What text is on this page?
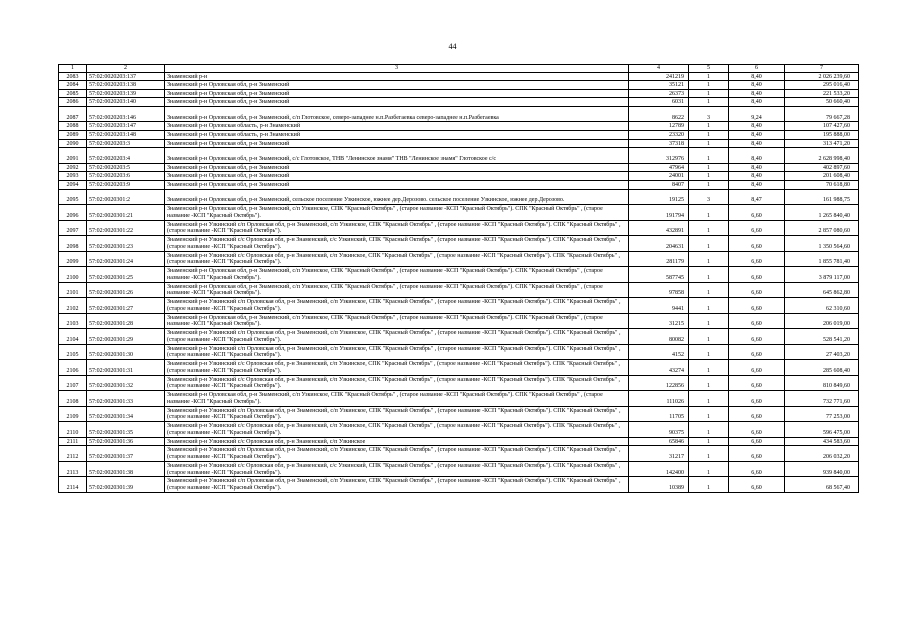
44
1	2	3	4	5	6	7
2083	57:02:0020203:137	Знаменский р-н	241219	1	8,40	2 026 239,60
2084	57:02:0020203:138	Знаменский р-н Орловская обл, р-н Знаменский	35121	1	8,40	295 016,40
2085	57:02:0020203:139	Знаменский р-н Орловская обл, р-н Знаменский	26373	1	8,40	221 533,20
2086	57:02:0020203:140	Знаменский р-н Орловская обл, р-н Знаменский	6031	1	8,40	50 660,40
2087	57:02:0020203:146	Знаменский р-н Орловская обл, р-н Знаменский, с/п Глотовское, северо-западнее н.п.Разбегаевка северо-западнее н.п.Разбегаевка	8622	3	9,24	79 667,28
2088	57:02:0020203:147	Знаменский р-н Орловская область, р-н Знаменский	12789	1	8,40	107 427,60
2089	57:02:0020203:148	Знаменский р-н Орловская область, р-н Знаменский	23320	1	8,40	195 888,00
2090	57:02:0020203:3	Знаменский р-н Орловская обл, р-н Знаменский	37318	1	8,40	313 471,20
2091	57:02:0020203:4	Знаменский р-н Орловская обл, р-н Знаменский, с/с Глотовское, ТНВ "Ленинское знамя" ТНВ "Ленинское знамя" Глотовское с/с	312976	1	8,40	2 628 998,40
2092	57:02:0020203:5	Знаменский р-н Орловская обл, р-н Знаменский	47964	1	8,40	402 897,60
2093	57:02:0020203:6	Знаменский р-н Орловская обл, р-н Знаменский	24001	1	8,40	201 608,40
2094	57:02:0020203:9	Знаменский р-н Орловская обл, р-н Знаменский	8407	1	8,40	70 618,80
2095	57:02:0020301:2	Знаменский р-н Орловская обл, р-н Знаменский, сельское поселение Узкинское, южнее дер.Дерозово. сельское поселение Узкинское, южнее дер.Дерозово.	19125	3	8,47	161 988,75
2096	57:02:0020301:21	Знаменский р-н Орловская обл, р-н Знаменский, с/п Узкинское, СПК "Красный Октябрь" , (старое название -КСП "Красный Октябрь"). СПК "Красный Октябрь" , (старое название -КСП "Красный Октябрь").	191794	1	6,60	1 265 840,40
2097	57:02:0020301:22	Знаменский р-н Узкинский с/п Орловская обл, р-н Знаменский, с/п Узкинское, СПК "Красный Октябрь" , (старое название -КСП "Красный Октябрь"). СПК "Красный Октябрь" , (старое название -КСП "Красный Октябрь").	432891	1	6,60	2 857 080,60
2098	57:02:0020301:23	Знаменский р-н Узкинский с/с Орловская обл, р-н Знаменский, с/с Узкинский, СПК "Красный Октябрь" , (старое название -КСП "Красный Октябрь"). СПК "Красный Октябрь" , (старое название -КСП "Красный Октябрь").	204631	1	6,60	1 350 564,60
2099	57:02:0020301:24	Знаменский р-н Узкинский с/с Орловская обл, р-н Знаменский, с/п Узкинское, СПК "Красный Октябрь" , (старое название -КСП "Красный Октябрь"). СПК "Красный Октябрь" , (старое название -КСП "Красный Октябрь").	281179	1	6,60	1 855 781,40
2100	57:02:0020301:25	Знаменский р-н Орловская обл, р-н Знаменский, с/п Узкинское, СПК "Красный Октябрь" , (старое название -КСП "Красный Октябрь"). СПК "Красный Октябрь" , (старое название -КСП "Красный Октябрь").	587745	1	6,60	3 879 117,00
2101	57:02:0020301:26	Знаменский р-н Орловская обл, р-н Знаменский, с/п Узкинское, СПК "Красный Октябрь" , (старое название -КСП "Красный Октябрь"). СПК "Красный Октябрь" , (старое название -КСП "Красный Октябрь").	97858	1	6,60	645 862,80
2102	57:02:0020301:27	Знаменский р-н Узкинский с/п Орловская обл, р-н Знаменский, с/п Узкинское, СПК "Красный Октябрь" , (старое название -КСП "Красный Октябрь"). СПК "Красный Октябрь" , (старое название -КСП "Красный Октябрь").	9441	1	6,60	62 310,60
2103	57:02:0020301:28	Знаменский р-н Орловская обл, р-н Знаменский, с/п Узкинское, СПК "Красный Октябрь" , (старое название -КСП "Красный Октябрь"). СПК "Красный Октябрь" , (старое название -КСП "Красный Октябрь").	31215	1	6,60	206 019,00
2104	57:02:0020301:29	Знаменский р-н Узкинский с/п Орловская обл, р-н Знаменский, с/п Узкинское, СПК "Красный Октябрь" , (старое название -КСП "Красный Октябрь"). СПК "Красный Октябрь" , (старое название -КСП "Красный Октябрь").	80082	1	6,60	528 541,20
2105	57:02:0020301:30	Знаменский р-н Узкинский с/п Орловская обл, р-н Знаменский, с/п Узкинское, СПК "Красный Октябрь" , (старое название -КСП "Красный Октябрь"). СПК "Красный Октябрь" , (старое название -КСП "Красный Октябрь").	4152	1	6,60	27 403,20
2106	57:02:0020301:31	Знаменский р-н Узкинский с/с Орловская обл, р-н Знаменский, с/п Узкинское, СПК "Красный Октябрь" , (старое название -КСП "Красный Октябрь"). СПК "Красный Октябрь" , (старое название -КСП "Красный Октябрь").	43274	1	6,60	285 608,40
2107	57:02:0020301:32	Знаменский р-н Узкинский с/с Орловская обл, р-н Знаменский, с/п Узкинское, СПК "Красный Октябрь" , (старое название -КСП "Красный Октябрь"). СПК "Красный Октябрь" , (старое название -КСП "Красный Октябрь").	122856	1	6,60	810 849,60
2108	57:02:0020301:33	Знаменский р-н Орловская обл, р-н Знаменский, с/п Узкинское, СПК "Красный Октябрь" , (старое название -КСП "Красный Октябрь"). СПК "Красный Октябрь" , (старое название -КСП "Красный Октябрь").	111026	1	6,60	732 771,60
2109	57:02:0020301:34	Знаменский р-н Узкинский с/п Орловская обл, р-н Знаменский, с/п Узкинское, СПК "Красный Октябрь" , (старое название -КСП "Красный Октябрь"). СПК "Красный Октябрь" , (старое название -КСП "Красный Октябрь").	11705	1	6,60	77 253,00
2110	57:02:0020301:35	Знаменский р-н Узкинский с/с Орловская обл, р-н Знаменский, с/п Узкинское, СПК "Красный Октябрь" , (старое название -КСП "Красный Октябрь"). СПК "Красный Октябрь" , (старое название -КСП "Красный Октябрь").	90375	1	6,60	596 475,00
2111	57:02:0020301:36	Знаменский р-н Узкинский с/с Орловская обл, р-н Знаменский, с/п Узкинское	65846	1	6,60	434 583,60
2112	57:02:0020301:37	Знаменский р-н Узкинский с/п Орловская обл, р-н Знаменский, с/п Узкинское, СПК "Красный Октябрь" , (старое название -КСП "Красный Октябрь"). СПК "Красный Октябрь" , (старое название -КСП "Красный Октябрь").	31217	1	6,60	206 032,20
2113	57:02:0020301:38	Знаменский р-н Узкинский с/с Орловская обл, р-н Знаменский, с/с Узкинский, СПК "Красный Октябрь" , (старое название -КСП "Красный Октябрь"). СПК "Красный Октябрь" , (старое название -КСП "Красный Октябрь").	142400	1	6,60	939 840,00
2114	57:02:0020301:39	Знаменский р-н Узкинский с/п Орловская обл, р-н Знаменский, с/п Узкинское, СПК "Красный Октябрь" , (старое название -КСП "Красный Октябрь"). СПК "Красный Октябрь" , (старое название -КСП "Красный Октябрь").	10389	1	6,60	68 567,40
